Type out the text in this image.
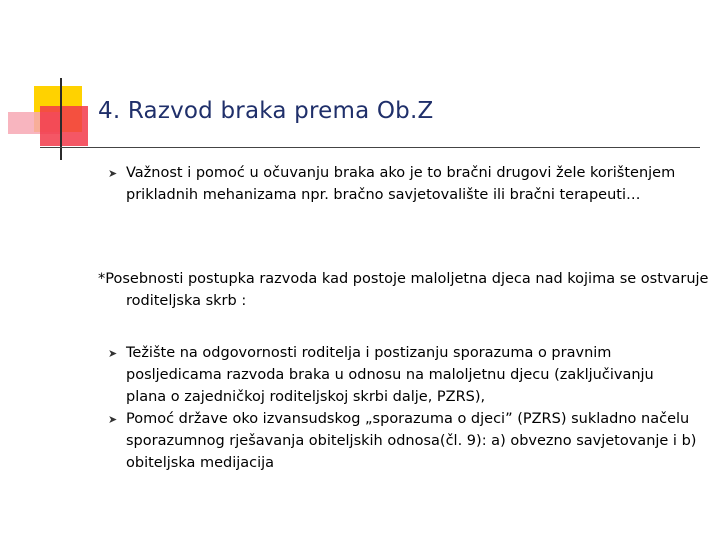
4. Razvod braka prema Ob.Z
➤ Važnost i pomoć u očuvanju braka ako je to bračni drugovi žele korištenjem prikladnih mehanizama npr. bračno savjetovalište ili bračni terapeuti…

*Posebnosti postupka razvoda kad postoje maloljetna djeca nad kojima se ostvaruje roditeljska skrb :

➤ Težište na odgovornosti roditelja i postizanju sporazuma o pravnim posljedicama razvoda braka u odnosu na maloljetnu djecu (zaključivanju plana o zajedničkoj roditeljskoj skrbi dalje, PZRS),
➤ Pomoć države oko izvansudskog „sporazuma o djeci” (PZRS) sukladno načelu sporazumnog rješavanja obiteljskih odnosa(čl. 9): a) obvezno savjetovanje i b) obiteljska medijacija
